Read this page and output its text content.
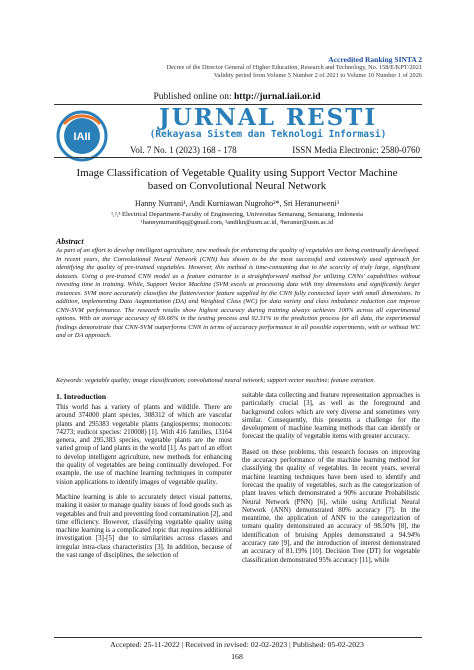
Accredited Ranking SINTA 2
Decree of the Director General of Higher Education, Research and Technology, No. 158/E/KPT/2021
Validity period from Volume 5 Number 2 of 2021 to Volume 10 Number 1 of 2026
Published online on: http://jurnal.iaii.or.id
IAII
JURNAL RESTI
(Rekayasa Sistem dan Teknologi Informasi)
Vol. 7 No. 1 (2023) 168 - 178	ISSN Media Electronic: 2580-0760
Image Classification of Vegetable Quality using Support Vector Machine
based on Convolutional Neural Network
Hanny Nurrani¹, Andi Kurniawan Nugroho²*, Sri Heranurweni³
¹,²,³ Electrical Department-Faculty of Engineering, Universitas Semarang, Semarang, Indonesia
¹hannynurrani6qq@gmail.com, ²andikn@usm.ac.id, ³heranur@usm.ac.id
Abstract
As part of an effort to develop intelligent agriculture, new methods for enhancing the quality of vegetables are being continually developed. In recent years, the Convolutional Neural Network (CNN) has shown to be the most successful and extensively used approach for identifying the quality of pre-trained vegetables. However, this method is time-consuming due to the scarcity of truly large, significant datasets. Using a pre-trained CNN model as a feature extractor is a straightforward method for utilizing CNNs' capabilities without investing time in training. While, Support Vector Machine (SVM excels at processing data with tiny dimensions and significantly larger instances. SVM more accurately classifies the flatten/vector feature supplied by the CNN fully connected layer with small dimensions. In addition, implementing Data Augmentation (DA) and Weighted Class (WC) for data variety and class imbalance reduction can improve CNN-SVM performance. The research results show highest accuracy during training always achieves 100% across all experimental options. With an average accuracy of 69.66% in the testing process and 92.31% in the prediction process for all data, the experimental findings demonstrate that CNN-SVM outperforms CNN in terms of accuracy performance in all possible experiments, with or without WC and or DA approach.
Keywords: vegetable quality; image classification; convolutional neural network; support vector machine; feature extration.
1. Introduction

This world has a variety of plants and wildlife. There are around 374000 plant species, 308312 of which are vascular plants and 295383 vegetable plants (angiosperms; monocots: 74273; eudicot species: 210008) [1]. With 416 families, 13164 genera, and 295,383 species, vegetable plants are the most varied group of land plants in the world [1]. As part of an effort to develop intelligent agriculture, new methods for enhancing the quality of vegetables are being continually developed. For example, the use of machine learning techniques in computer vision applications to identify images of vegetable quality.

Machine learning is able to accurately detect visual patterns, making it easier to manage quality issues of food goods such as vegetables and fruit and preventing food contamination [2], and time efficiency. However, classifying vegetable quality using machine learning is a complicated topic that requires additional investigation [3]-[5] due to similarities across classes and irregular intra-class characteristics [3]. In addition, because of the vast range of disciplines, the selection of

suitable data collecting and feature representation approaches is particularly crucial [3], as well as the foreground and background colors which are very diverse and sometimes very similar. Consequently, this presents a challenge for the development of machine learning methods that can identify or forecast the quality of vegetable items with greater accuracy.

Based on these problems, this research focuses on improving the accuracy performance of the machine learning method for classifying the quality of vegetables. In recent years, several machine learning techniques have been used to identify and forecast the quality of vegetables, such as the categorization of plant leaves which demonstrated a 90% accurate Probabilistic Neural Network (PNN) [6], while using Artificial Neural Network (ANN) demonstrated 80% accuracy [7]. In the meantime, the application of ANN to the categorization of tomato quality demonstrated an accuracy of 98.50% [8], the identification of bruising Apples demonstrated a 94.94% accuracy rate [9], and the introduction of interest demonstrated an accuracy of 81.19% [10]. Decision Tree (DT) for vegetable classification demonstrated 95% accuracy [11], while

Accepted: 25-11-2022 | Received in revised: 02-02-2023 | Published: 05-02-2023
168
